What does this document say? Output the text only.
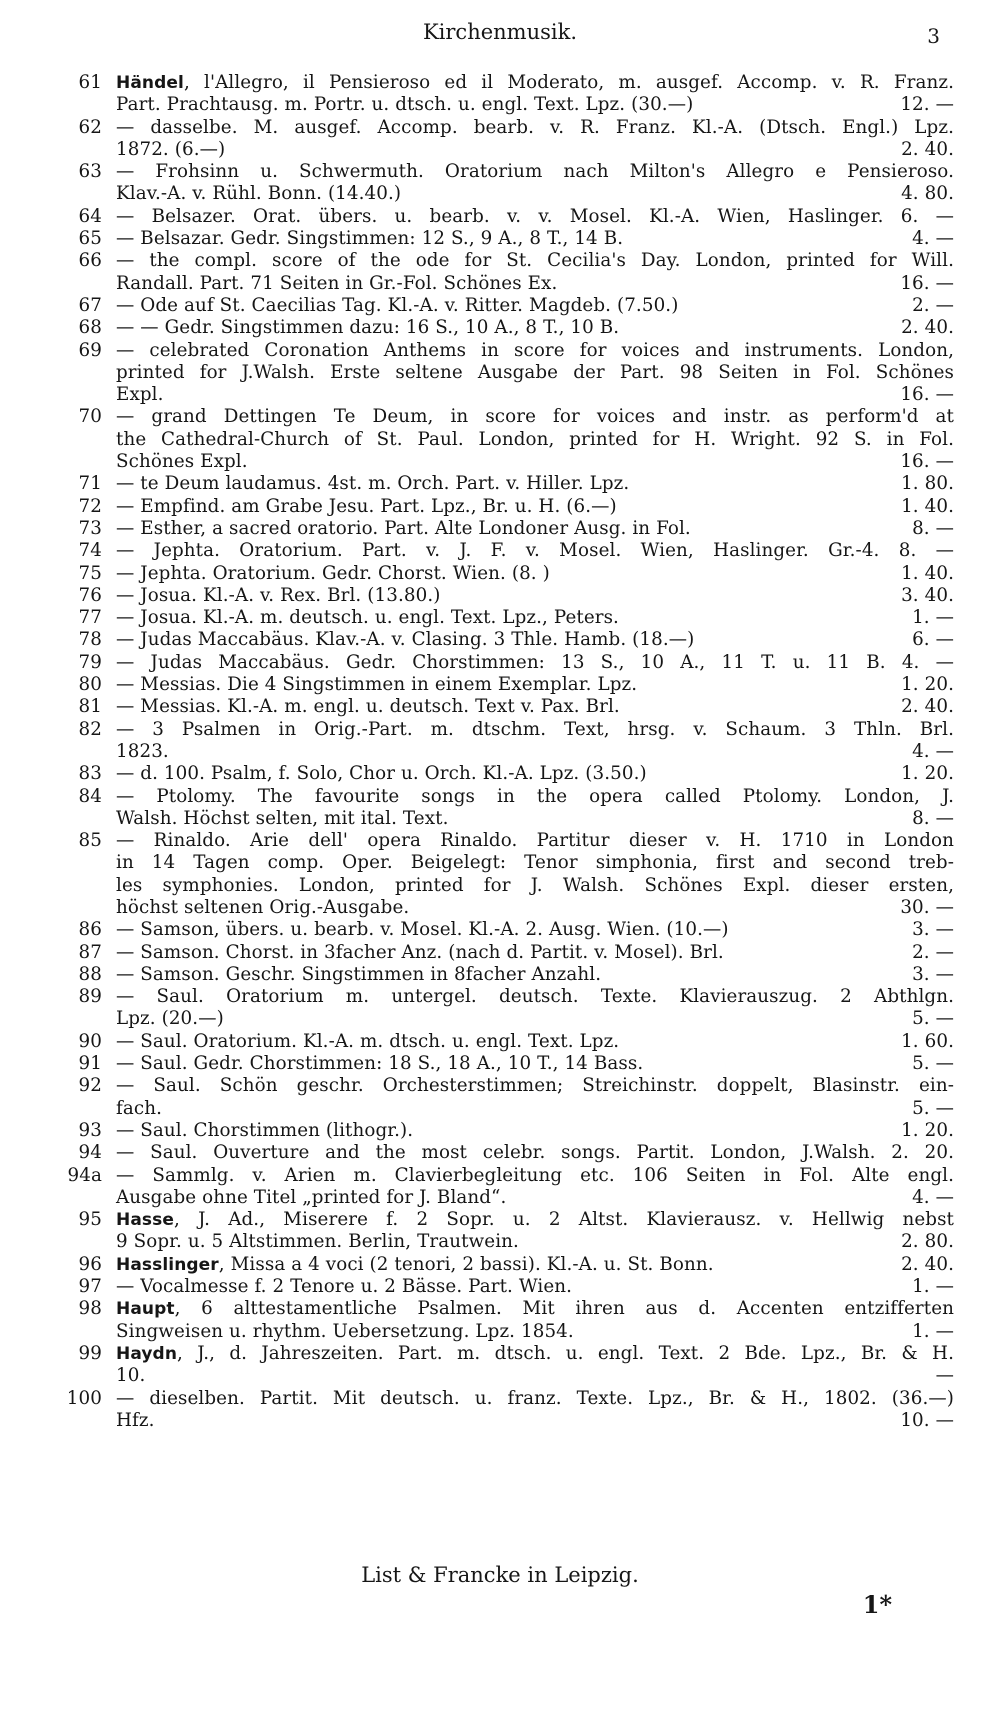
Kirchenmusik.	3
61 Händel, l'Allegro, il Pensieroso ed il Moderato, m. ausgef. Accomp. v. R. Franz.
Part. Prachtausg. m. Portr. u. dtsch. u. engl. Text. Lpz. (30.—)	12. —
62 — dasselbe. M. ausgef. Accomp. bearb. v. R. Franz. Kl.-A. (Dtsch. Engl.) Lpz.
1872. (6.—)	2. 40.
63 — Frohsinn u. Schwermuth. Oratorium nach Milton's Allegro e Pensieroso.
Klav.-A. v. Rühl. Bonn. (14.40.)	4. 80.
64 — Belsazer. Orat. übers. u. bearb. v. v. Mosel. Kl.-A. Wien, Haslinger. 6. —
65 — Belsazar. Gedr. Singstimmen: 12 S., 9 A., 8 T., 14 B.	4. —
66 — the compl. score of the ode for St. Cecilia's Day. London, printed for Will.
Randall. Part. 71 Seiten in Gr.-Fol. Schönes Ex.	16. —
67 — Ode auf St. Caecilias Tag. Kl.-A. v. Ritter. Magdeb. (7.50.)	2. —
68 — — Gedr. Singstimmen dazu: 16 S., 10 A., 8 T., 10 B.	2. 40.
69 — celebrated Coronation Anthems in score for voices and instruments. London,
printed for J.Walsh. Erste seltene Ausgabe der Part. 98 Seiten in Fol. Schönes
Expl.	16. —
70 — grand Dettingen Te Deum, in score for voices and instr. as perform'd at
the Cathedral-Church of St. Paul. London, printed for H. Wright. 92 S. in Fol.
Schönes Expl.	16. —
71 — te Deum laudamus. 4st. m. Orch. Part. v. Hiller. Lpz.	1. 80.
72 — Empfind. am Grabe Jesu. Part. Lpz., Br. u. H. (6.—)	1. 40.
73 — Esther, a sacred oratorio. Part. Alte Londoner Ausg. in Fol.	8. —
74 — Jephta. Oratorium. Part. v. J. F. v. Mosel. Wien, Haslinger. Gr.-4. 8. —
75 — Jephta. Oratorium. Gedr. Chorst. Wien. (8. )	1. 40.
76 — Josua. Kl.-A. v. Rex. Brl. (13.80.)	3. 40.
77 — Josua. Kl.-A. m. deutsch. u. engl. Text. Lpz., Peters.	1. —
78 — Judas Maccabäus. Klav.-A. v. Clasing. 3 Thle. Hamb. (18.—)	6. —
79 — Judas Maccabäus. Gedr. Chorstimmen: 13 S., 10 A., 11 T. u. 11 B. 4. —
80 — Messias. Die 4 Singstimmen in einem Exemplar. Lpz.	1. 20.
81 — Messias. Kl.-A. m. engl. u. deutsch. Text v. Pax. Brl.	2. 40.
82 — 3 Psalmen in Orig.-Part. m. dtschm. Text, hrsg. v. Schaum. 3 Thln. Brl.
1823.	4. —
83 — d. 100. Psalm, f. Solo, Chor u. Orch. Kl.-A. Lpz. (3.50.)	1. 20.
84 — Ptolomy. The favourite songs in the opera called Ptolomy. London, J.
Walsh. Höchst selten, mit ital. Text.	8. —
85 — Rinaldo. Arie dell' opera Rinaldo. Partitur dieser v. H. 1710 in London
in 14 Tagen comp. Oper. Beigelegt: Tenor simphonia, first and second treb-
les symphonies. London, printed for J. Walsh. Schönes Expl. dieser ersten,
höchst seltenen Orig.-Ausgabe.	30. —
86 — Samson, übers. u. bearb. v. Mosel. Kl.-A. 2. Ausg. Wien. (10.—)	3. —
87 — Samson. Chorst. in 3facher Anz. (nach d. Partit. v. Mosel). Brl.	2. —
88 — Samson. Geschr. Singstimmen in 8facher Anzahl.	3. —
89 — Saul. Oratorium m. untergel. deutsch. Texte. Klavierauszug. 2 Abthlgn.
Lpz. (20.—)	5. —
90 — Saul. Oratorium. Kl.-A. m. dtsch. u. engl. Text. Lpz.	1. 60.
91 — Saul. Gedr. Chorstimmen: 18 S., 18 A., 10 T., 14 Bass.	5. —
92 — Saul. Schön geschr. Orchesterstimmen; Streichinstr. doppelt, Blasinstr. ein-
fach.	5. —
93 — Saul. Chorstimmen (lithogr.).	1. 20.
94 — Saul. Ouverture and the most celebr. songs. Partit. London, J.Walsh. 2. 20.
94a — Sammlg. v. Arien m. Clavierbegleitung etc. 106 Seiten in Fol. Alte engl.
Ausgabe ohne Titel „printed for J. Bland“.	4. —
95 Hasse, J. Ad., Miserere f. 2 Sopr. u. 2 Altst. Klavierausz. v. Hellwig nebst
9 Sopr. u. 5 Altstimmen. Berlin, Trautwein.	2. 80.
96 Hasslinger, Missa a 4 voci (2 tenori, 2 bassi). Kl.-A. u. St. Bonn.	2. 40.
97 — Vocalmesse f. 2 Tenore u. 2 Bässe. Part. Wien.	1. —
98 Haupt, 6 alttestamentliche Psalmen. Mit ihren aus d. Accenten entzifferten
Singweisen u. rhythm. Uebersetzung. Lpz. 1854.	1. —
99 Haydn, J., d. Jahreszeiten. Part. m. dtsch. u. engl. Text. 2 Bde. Lpz., Br. & H.
10. —
100 — dieselben. Partit. Mit deutsch. u. franz. Texte. Lpz., Br. & H., 1802. (36.—)
Hfz.	10. —
List & Francke in Leipzig.
1*
